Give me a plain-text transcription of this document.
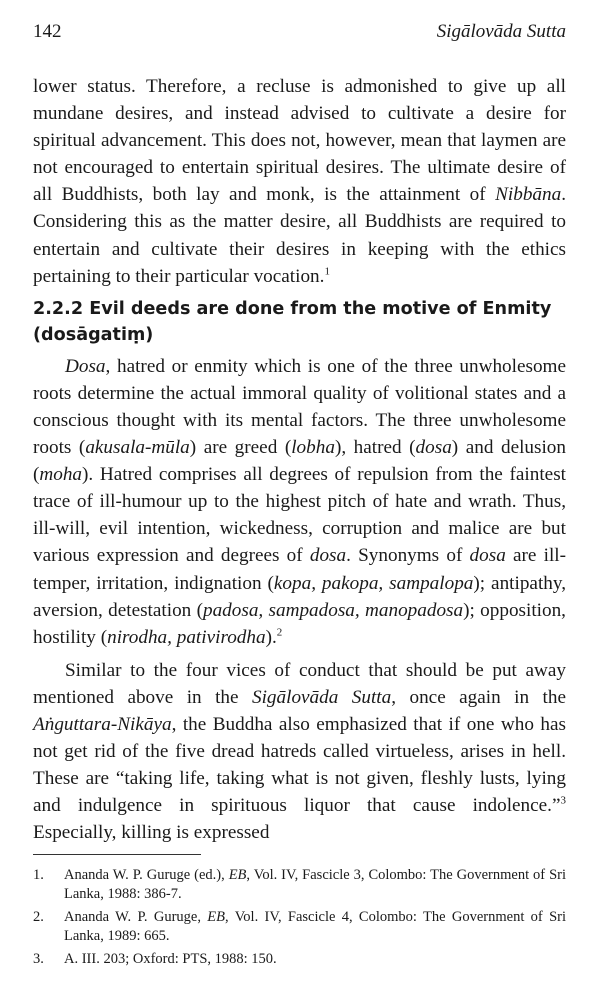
142	Sigālovāda Sutta

lower status. Therefore, a recluse is admonished to give up all mundane desires, and instead advised to cultivate a desire for spiritual advancement. This does not, however, mean that laymen are not encouraged to entertain spiritual desires. The ultimate desire of all Buddhists, both lay and monk, is the attainment of Nibbāna. Considering this as the matter desire, all Buddhists are required to entertain and cultivate their desires in keeping with the ethics pertaining to their particular vocation.$^1$

2.2.2 Evil deeds are done from the motive of Enmity
(dosāgatiṃ)

Dosa, hatred or enmity which is one of the three unwholesome roots determine the actual immoral quality of volitional states and a conscious thought with its mental factors. The three unwholesome roots (akusala-mūla) are greed (lobha), hatred (dosa) and delusion (moha). Hatred comprises all degrees of repulsion from the faintest trace of ill-humour up to the highest pitch of hate and wrath. Thus, ill-will, evil intention, wickedness, corruption and malice are but various expression and degrees of dosa. Synonyms of dosa are ill-temper, irritation, indignation (kopa, pakopa, sampalopa); antipathy, aversion, detestation (padosa, sampadosa, manopadosa); opposition, hostility (nirodha, pativirodha).$^2$

Similar to the four vices of conduct that should be put away mentioned above in the Sigālovāda Sutta, once again in the Aṅguttara-Nikāya, the Buddha also emphasized that if one who has not get rid of the five dread hatreds called virtueless, arises in hell. These are “taking life, taking what is not given, fleshly lusts, lying and indulgence in spirituous liquor that cause indolence.”$^3$ Especially, killing is expressed

1.	Ananda W. P. Guruge (ed.), EB, Vol. IV, Fascicle 3, Colombo: The Government of Sri Lanka, 1988: 386-7.
2.	Ananda W. P. Guruge, EB, Vol. IV, Fascicle 4, Colombo: The Government of Sri Lanka, 1989: 665.
3.	A. III. 203; Oxford: PTS, 1988: 150.
